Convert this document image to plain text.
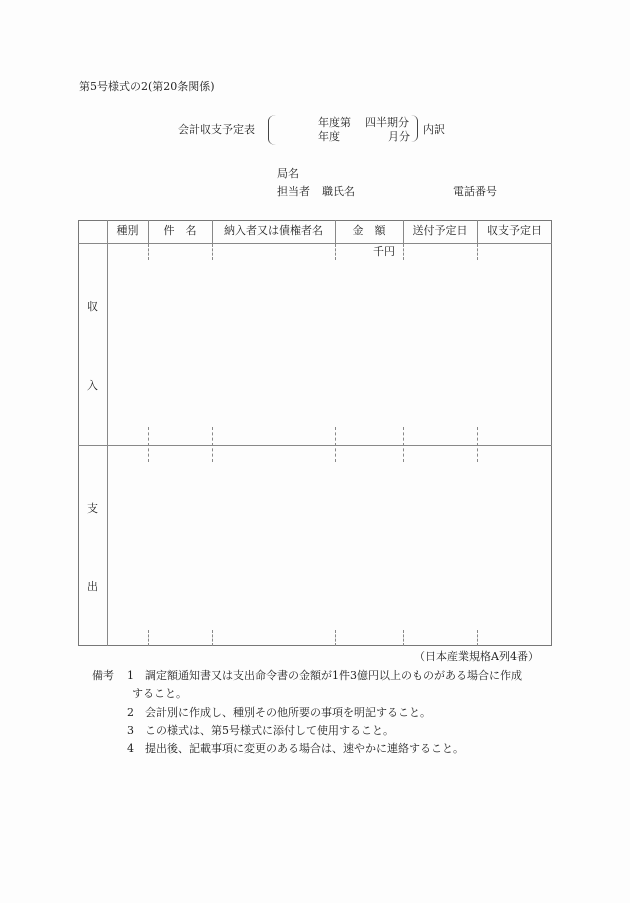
第5号様式の2(第20条関係)
会計収支予定表
年度第 四半期分
年度	月分
内訳
局名
担当者 職氏名	電話番号
種別	件　名	納入者又は債権者名	金　額	送付予定日	収支予定日
千円
収
入
支
出
（日本産業規格A列4番）
備考 1 調定額通知書又は支出命令書の金額が1件3億円以上のものがある場合に作成
すること。
2 会計別に作成し、種別その他所要の事項を明記すること。
3 この様式は、第5号様式に添付して使用すること。
4 提出後、記載事項に変更のある場合は、速やかに連絡すること。
